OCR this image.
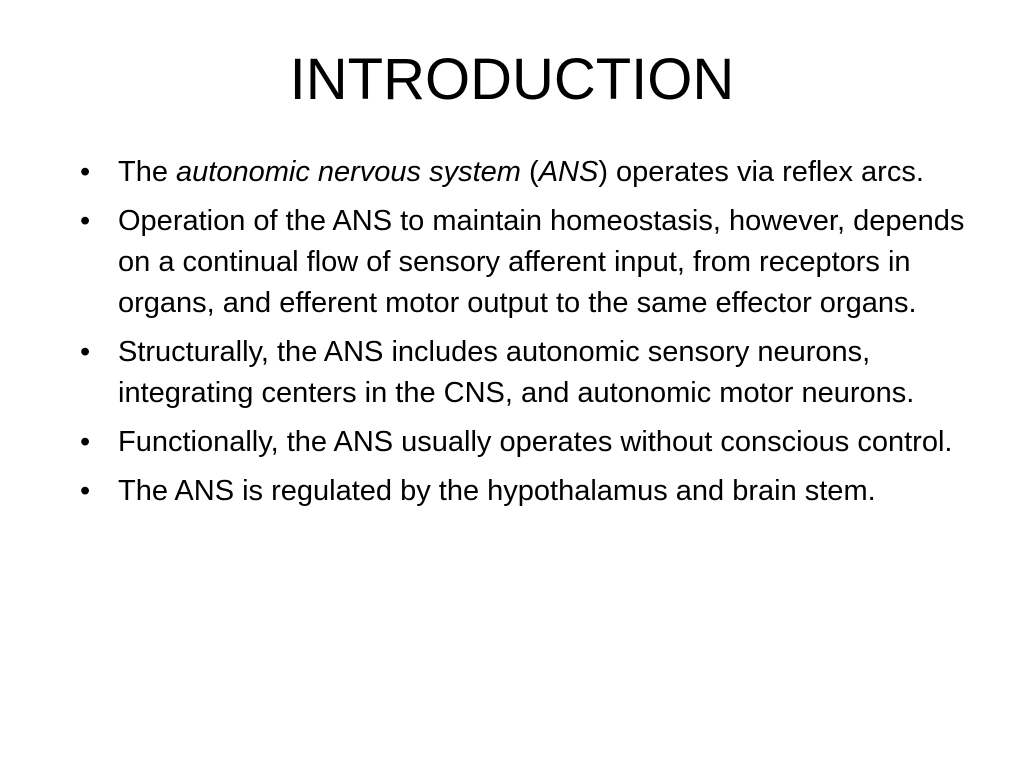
INTRODUCTION
• The autonomic nervous system (ANS) operates via reflex arcs.
• Operation of the ANS to maintain homeostasis, however, depends on a continual flow of sensory afferent input, from receptors in organs, and efferent motor output to the same effector organs.
• Structurally, the ANS includes autonomic sensory neurons, integrating centers in the CNS, and autonomic motor neurons.
• Functionally, the ANS usually operates without conscious control.
• The ANS is regulated by the hypothalamus and brain stem.
